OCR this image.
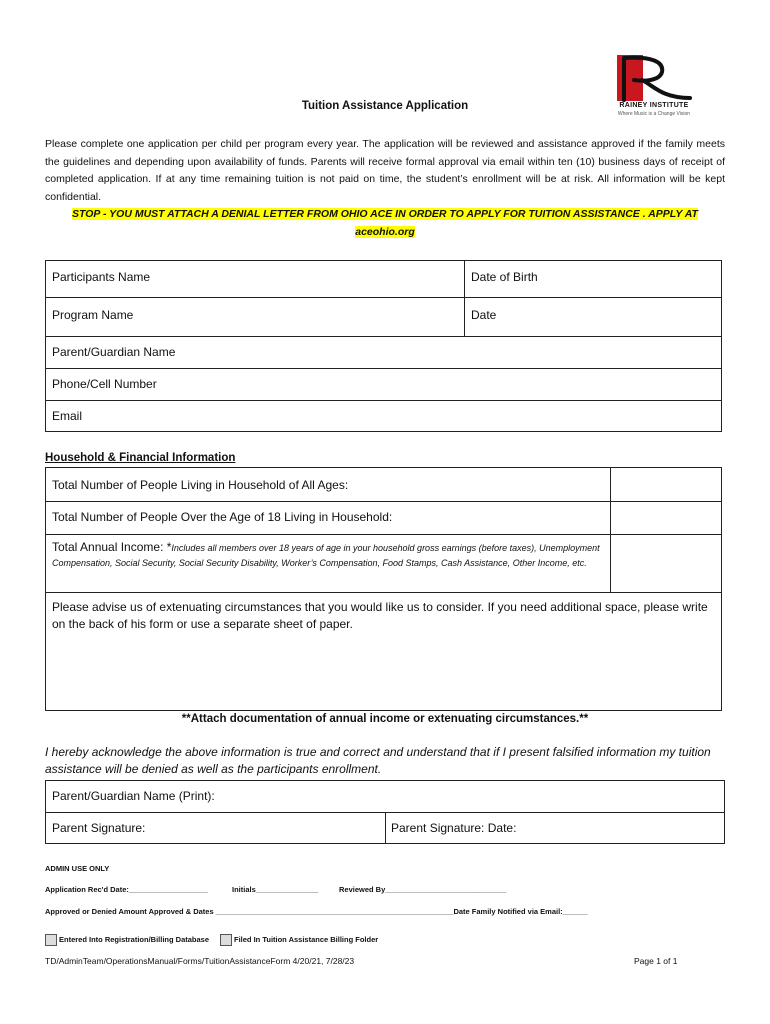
RAINEY INSTITUTE
Where Music is a Change Vision
Tuition Assistance Application
Please complete one application per child per program every year. The application will be reviewed and assistance approved if the family meets the guidelines and depending upon availability of funds. Parents will receive formal approval via email within ten (10) business days of receipt of completed application. If at any time remaining tuition is not paid on time, the student’s enrollment will be at risk. All information will be kept confidential.
STOP - YOU MUST ATTACH A DENIAL LETTER FROM OHIO ACE IN ORDER TO APPLY FOR TUITION ASSISTANCE . APPLY AT
aceohio.org
Participants Name	Date of Birth
Program Name	Date
Parent/Guardian Name
Phone/Cell Number
Email
Household & Financial Information
Total Number of People Living in Household of All Ages:
Total Number of People Over the Age of 18 Living in Household:
Total Annual Income: *Includes all members over 18 years of age in your household gross earnings (before taxes), Unemployment Compensation, Social Security, Social Security Disability, Worker’s Compensation, Food Stamps, Cash Assistance, Other Income, etc.
Please advise us of extenuating circumstances that you would like us to consider. If you need additional space, please write on the back of his form or use a separate sheet of paper.
**Attach documentation of annual income or extenuating circumstances.**
I hereby acknowledge the above information is true and correct and understand that if I present falsified information my tuition assistance will be denied as well as the participants enrollment.
Parent/Guardian Name (Print):
Parent Signature:	Parent Signature: Date:
ADMIN USE ONLY
Application Rec'd Date:___________________	Initials_______________	Reviewed By_____________________________
Approved or Denied Amount Approved & Dates _________________________________________________________Date Family Notified via Email:______
Entered Into Registration/Billing Database	Filed In Tuition Assistance Billing Folder
TD/AdminTeam/OperationsManual/Forms/TuitionAssistanceForm 4/20/21, 7/28/23	Page 1 of 1
